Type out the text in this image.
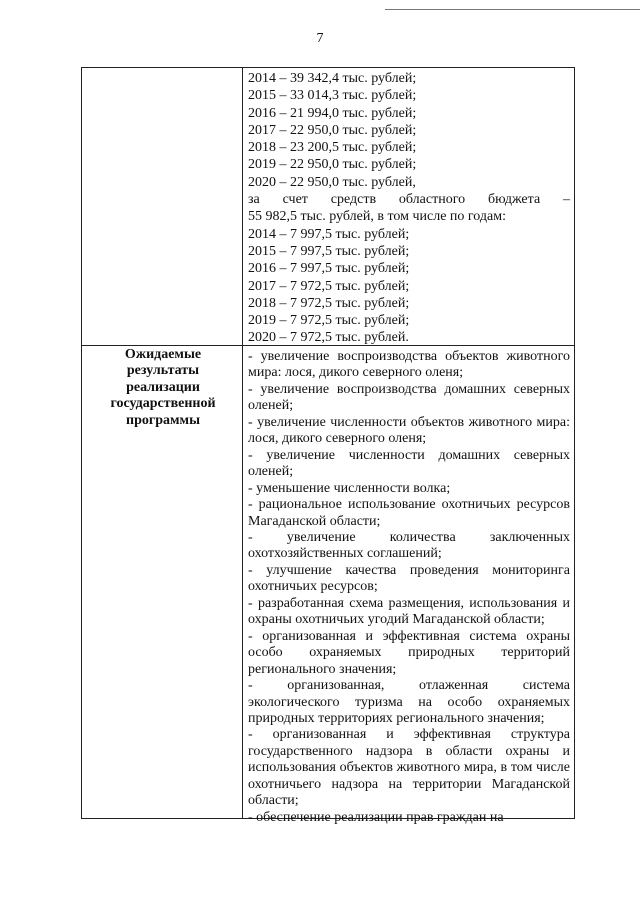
7
2014 – 39 342,4 тыс. рублей;
2015 – 33 014,3 тыс. рублей;
2016 – 21 994,0 тыс. рублей;
2017 – 22 950,0 тыс. рублей;
2018 – 23 200,5 тыс. рублей;
2019 – 22 950,0 тыс. рублей;
2020 – 22 950,0 тыс. рублей,
за счет средств областного бюджета –
55 982,5 тыс. рублей, в том числе по годам:
2014 – 7 997,5 тыс. рублей;
2015 – 7 997,5 тыс. рублей;
2016 – 7 997,5 тыс. рублей;
2017 – 7 972,5 тыс. рублей;
2018 – 7 972,5 тыс. рублей;
2019 – 7 972,5 тыс. рублей;
2020 – 7 972,5 тыс. рублей.
Ожидаемые
результаты
реализации
государственной
программы
- увеличение воспроизводства объектов животного мира: лося, дикого северного оленя;
- увеличение воспроизводства домашних северных оленей;
- увеличение численности объектов животного мира: лося, дикого северного оленя;
- увеличение численности домашних северных оленей;
- уменьшение численности волка;
- рациональное использование охотничьих ресурсов Магаданской области;
- увеличение количества заключенных охотхозяйственных соглашений;
- улучшение качества проведения мониторинга охотничьих ресурсов;
- разработанная схема размещения, использования и охраны охотничьих угодий Магаданской области;
- организованная и эффективная система охраны особо охраняемых природных территорий регионального значения;
- организованная, отлаженная система экологического туризма на особо охраняемых природных территориях регионального значения;
- организованная и эффективная структура государственного надзора в области охраны и использования объектов животного мира, в том числе охотничьего надзора на территории Магаданской области;
- обеспечение реализации прав граждан на
